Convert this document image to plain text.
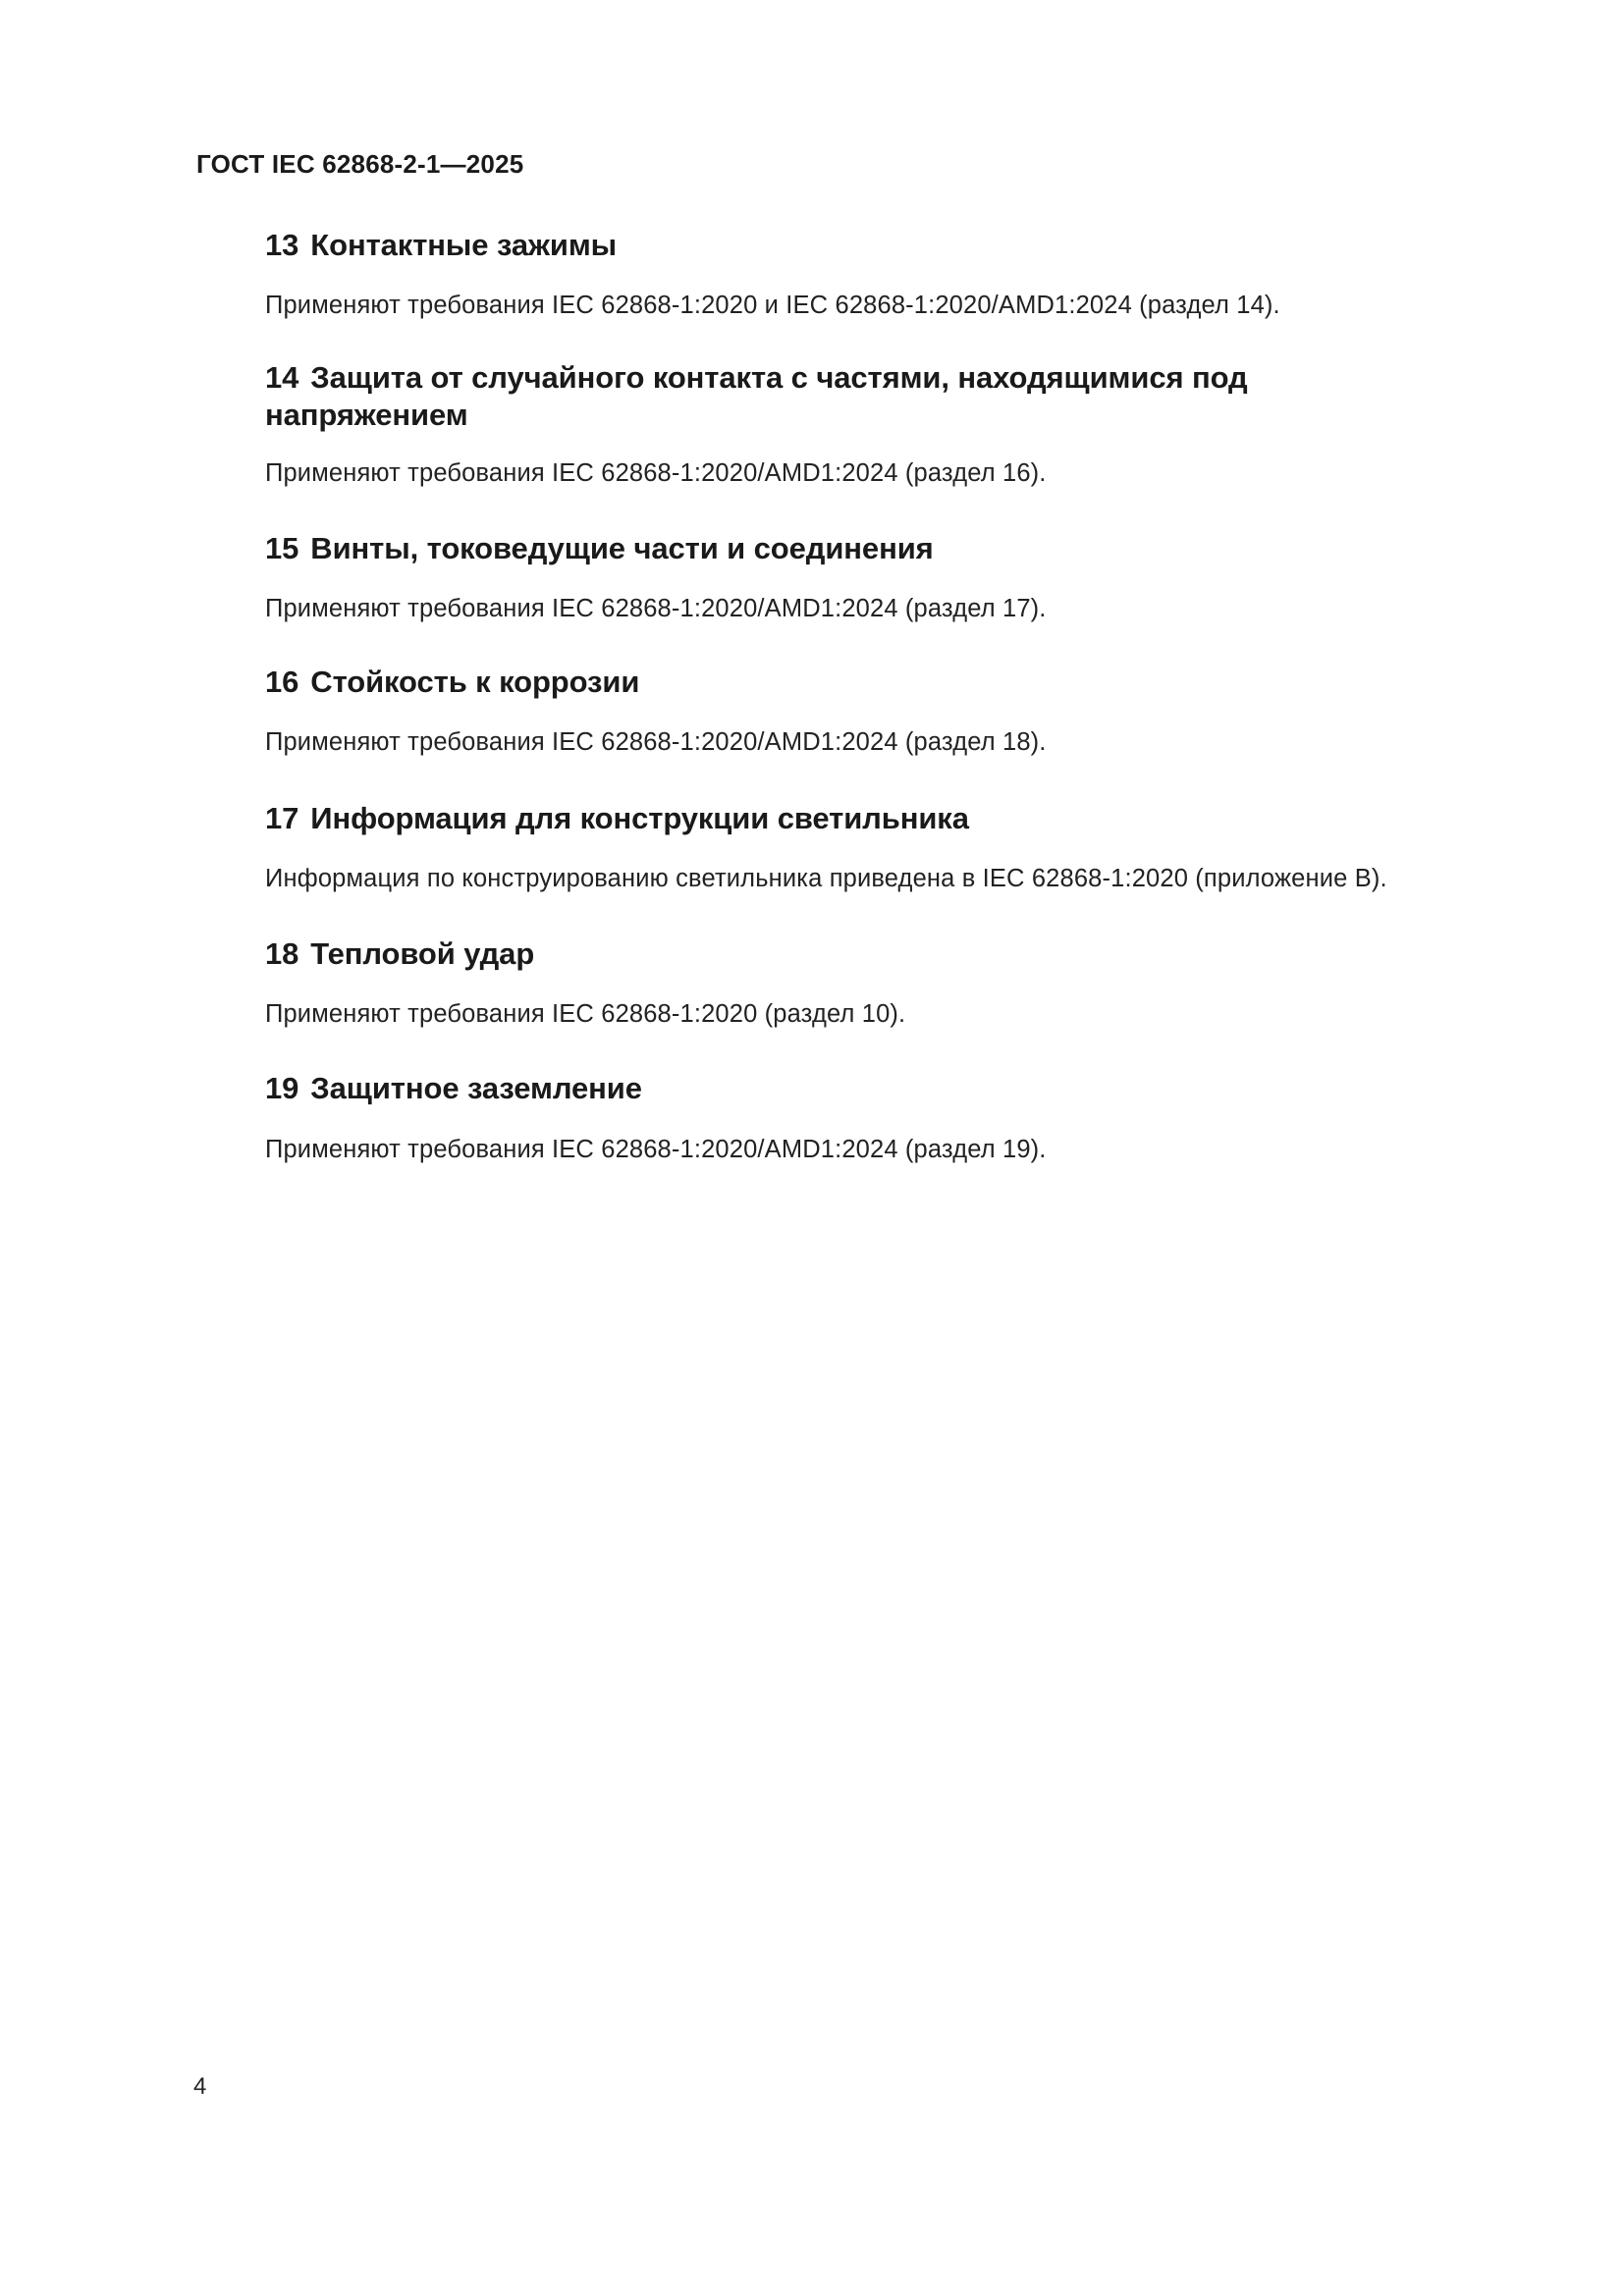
ГОСТ IEC 62868-2-1—2025
13 Контактные зажимы

Применяют требования IEC 62868-1:2020 и IEC 62868-1:2020/AMD1:2024 (раздел 14).

14 Защита от случайного контакта с частями, находящимися под напряжением

Применяют требования IEC 62868-1:2020/AMD1:2024 (раздел 16).

15 Винты, токоведущие части и соединения

Применяют требования IEC 62868-1:2020/AMD1:2024 (раздел 17).

16 Стойкость к коррозии

Применяют требования IEC 62868-1:2020/AMD1:2024 (раздел 18).

17 Информация для конструкции светильника

Информация по конструированию светильника приведена в IEC 62868-1:2020 (приложение B).

18 Тепловой удар

Применяют требования IEC 62868-1:2020 (раздел 10).

19 Защитное заземление

Применяют требования IEC 62868-1:2020/AMD1:2024 (раздел 19).

4
